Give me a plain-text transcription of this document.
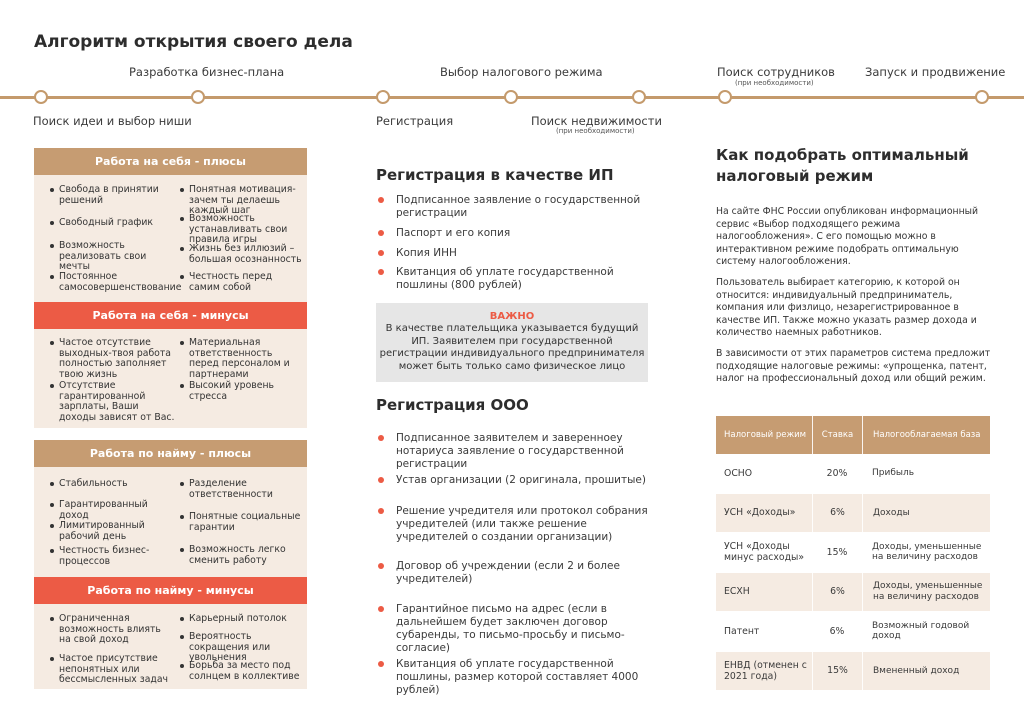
Алгоритм открытия своего дела
Разработка бизнес-плана	Выбор налогового режима	Поиск сотрудников
(при необходимости)
Запуск и продвижение
Поиск идеи и выбор ниши	Регистрация	Поиск недвижимости
(при необходимости)
Работа на себя - плюсы
Свобода в принятии решений
Свободный график
Возможность реализовать свои мечты
Постоянное самосовершенствование
Понятная мотивация- зачем ты делаешь каждый шаг
Возможность устанавливать свои правила игры
Жизнь без иллюзий – большая осознанность
Честность перед самим собой
Работа на себя - минусы
Частое отсутствие выходных-твоя работа полностью заполняет твою жизнь
Отсутствие гарантированной зарплаты, Ваши доходы зависят от Вас.
Материальная ответственность перед персоналом и партнерами
Высокий уровень стресса
Работа по найму - плюсы
Стабильность
Гарантированный доход
Лимитированный рабочий день
Честность бизнес-процессов
Разделение ответственности
Понятные социальные гарантии
Возможность легко сменить работу
Работа по найму - минусы
Ограниченная возможность влиять на свой доход
Частое присутствие непонятных или бессмысленных задач
Карьерный потолок
Вероятность сокращения или увольнения
Борьба за место под солнцем в коллективе
Регистрация в качестве ИП
Подписанное заявление о государственной регистрации
Паспорт и его копия
Копия ИНН
Квитанция об уплате государственной пошлины (800 рублей)
ВАЖНО
В качестве плательщика указывается будущий ИП. Заявителем при государственной регистрации индивидуального предпринимателя может быть только само физическое лицо
Регистрация ООО
Подписанное заявителем и заверенноеу нотариуса заявление о государственной регистрации
Устав организации (2 оригинала, прошитые)
Решение учредителя или протокол собрания учредителей (или также решение учредителей о создании организации)
Договор об учреждении (если 2 и более учредителей)
Гарантийное письмо на адрес (если в дальнейшем будет заключен договор субаренды, то письмо-просьбу и письмо-согласие)
Квитанция об уплате государственной пошлины, размер которой составляет 4000 рублей)
Как подобрать оптимальный налоговый режим
На сайте ФНС России опубликован информационный сервис «Выбор подходящего режима налогообложения». С его помощью можно в интерактивном режиме подобрать оптимальную систему налогообложения.
Пользователь выбирает категорию, к которой он относится: индивидуальный предприниматель, компания или физлицо, незарегистрированное в качестве ИП. Также можно указать размер дохода и количество наемных работников.
В зависимости от этих параметров система предложит подходящие налоговые режимы: «упрощенка, патент, налог на профессиональный доход или общий режим.
Налоговый режим	Ставка	Налогооблагаемая база
ОСНО	20%	Прибыль
УСН «Доходы»	6%	Доходы
УСН «Доходы минус расходы»	15%	Доходы, уменьшенные на величину расходов
ЕСХН	6%	Доходы, уменьшенные на величину расходов
Патент	6%	Возможный годовой доход
ЕНВД (отменен с 2021 года)	15%	Вмененный доход
